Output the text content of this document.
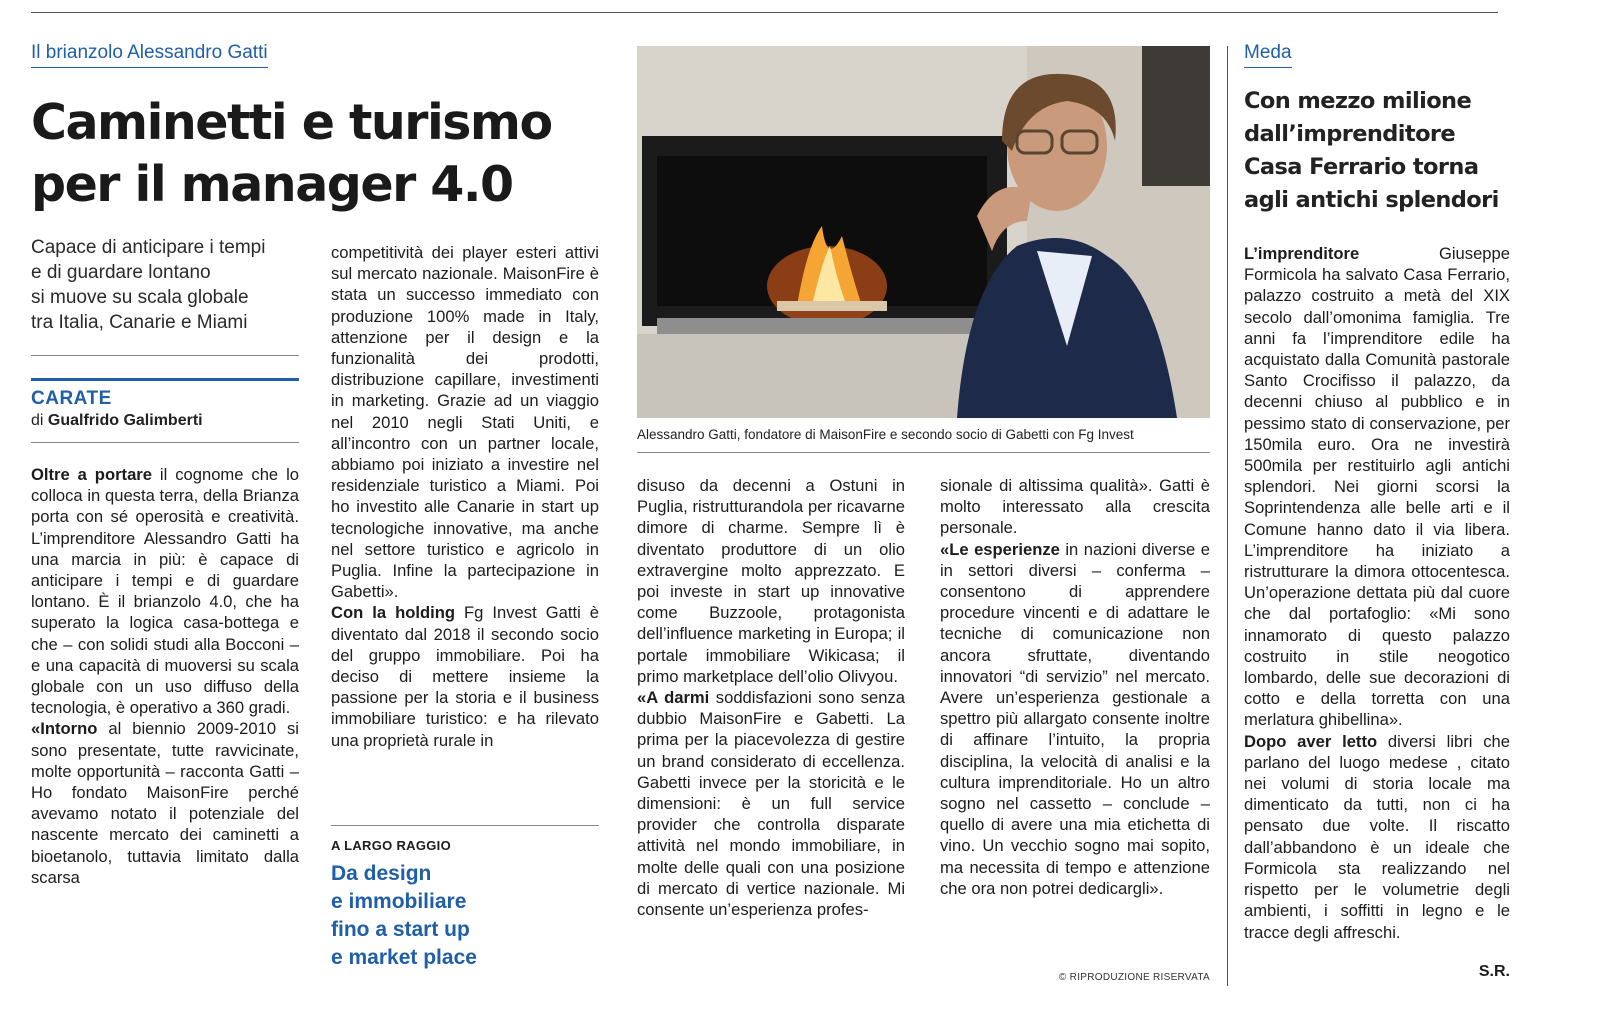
Il brianzolo Alessandro Gatti
Caminetti e turismo
per il manager 4.0
Capace di anticipare i tempi
e di guardare lontano
si muove su scala globale
tra Italia, Canarie e Miami
CARATE
di Gualfrido Galimberti

Oltre a portare il cognome che lo colloca in questa terra, della Brianza porta con sé operosità e creatività. L’imprenditore Alessandro Gatti ha una marcia in più: è capace di anticipare i tempi e di guardare lontano. È il brianzolo 4.0, che ha superato la logica casa-bottega e che – con solidi studi alla Bocconi – e una capacità di muoversi su scala globale con un uso diffuso della tecnologia, è operativo a 360 gradi.

«Intorno al biennio 2009-2010 si sono presentate, tutte ravvicinate, molte opportunità – racconta Gatti – Ho fondato MaisonFire perché avevamo notato il potenziale del nascente mercato dei caminetti a bioetanolo, tuttavia limitato dalla scarsa

competitività dei player esteri attivi sul mercato nazionale. MaisonFire è stata un successo immediato con produzione 100% made in Italy, attenzione per il design e la funzionalità dei prodotti, distribuzione capillare, investimenti in marketing. Grazie ad un viaggio nel 2010 negli Stati Uniti, e all’incontro con un partner locale, abbiamo poi iniziato a investire nel residenziale turistico a Miami. Poi ho investito alle Canarie in start up tecnologiche innovative, ma anche nel settore turistico e agricolo in Puglia. Infine la partecipazione in Gabetti».

Con la holding Fg Invest Gatti è diventato dal 2018 il secondo socio del gruppo immobiliare. Poi ha deciso di mettere insieme la passione per la storia e il business immobiliare turistico: e ha rilevato una proprietà rurale in

A LARGO RAGGIO
Da design
e immobiliare
fino a start up
e market place
Alessandro Gatti, fondatore di MaisonFire e secondo socio di Gabetti con Fg Invest

disuso da decenni a Ostuni in Puglia, ristrutturandola per ricavarne dimore di charme. Sempre lì è diventato produttore di un olio extravergine molto apprezzato. E poi investe in start up innovative come Buzzoole, protagonista dell’influence marketing in Europa; il portale immobiliare Wikicasa; il primo marketplace dell’olio Olivyou.

«A darmi soddisfazioni sono senza dubbio MaisonFire e Gabetti. La prima per la piacevolezza di gestire un brand considerato di eccellenza. Gabetti invece per la storicità e le dimensioni: è un full service provider che controlla disparate attività nel mondo immobiliare, in molte delle quali con una posizione di mercato di vertice nazionale. Mi consente un’esperienza profes-

sionale di altissima qualità». Gatti è molto interessato alla crescita personale.

«Le esperienze in nazioni diverse e in settori diversi – conferma – consentono di apprendere procedure vincenti e di adattare le tecniche di comunicazione non ancora sfruttate, diventando innovatori “di servizio” nel mercato. Avere un’esperienza gestionale a spettro più allargato consente inoltre di affinare l’intuito, la propria disciplina, la velocità di analisi e la cultura imprenditoriale. Ho un altro sogno nel cassetto – conclude – quello di avere una mia etichetta di vino. Un vecchio sogno mai sopito, ma necessita di tempo e attenzione che ora non potrei dedicargli».

© RIPRODUZIONE RISERVATA
Meda
Con mezzo milione
dall’imprenditore
Casa Ferrario torna
agli antichi splendori

L’imprenditore Giuseppe Formicola ha salvato Casa Ferrario, palazzo costruito a metà del XIX secolo dall’omonima famiglia. Tre anni fa l’imprenditore edile ha acquistato dalla Comunità pastorale Santo Crocifisso il palazzo, da decenni chiuso al pubblico e in pessimo stato di conservazione, per 150mila euro. Ora ne investirà 500mila per restituirlo agli antichi splendori. Nei giorni scorsi la Soprintendenza alle belle arti e il Comune hanno dato il via libera. L’imprenditore ha iniziato a ristrutturare la dimora ottocentesca. Un’operazione dettata più dal cuore che dal portafoglio: «Mi sono innamorato di questo palazzo costruito in stile neogotico lombardo, delle sue decorazioni di cotto e della torretta con una merlatura ghibellina».

Dopo aver letto diversi libri che parlano del luogo medese , citato nei volumi di storia locale ma dimenticato da tutti, non ci ha pensato due volte. Il riscatto dall’abbandono è un ideale che Formicola sta realizzando nel rispetto per le volumetrie degli ambienti, i soffitti in legno e le tracce degli affreschi.

S.R.
